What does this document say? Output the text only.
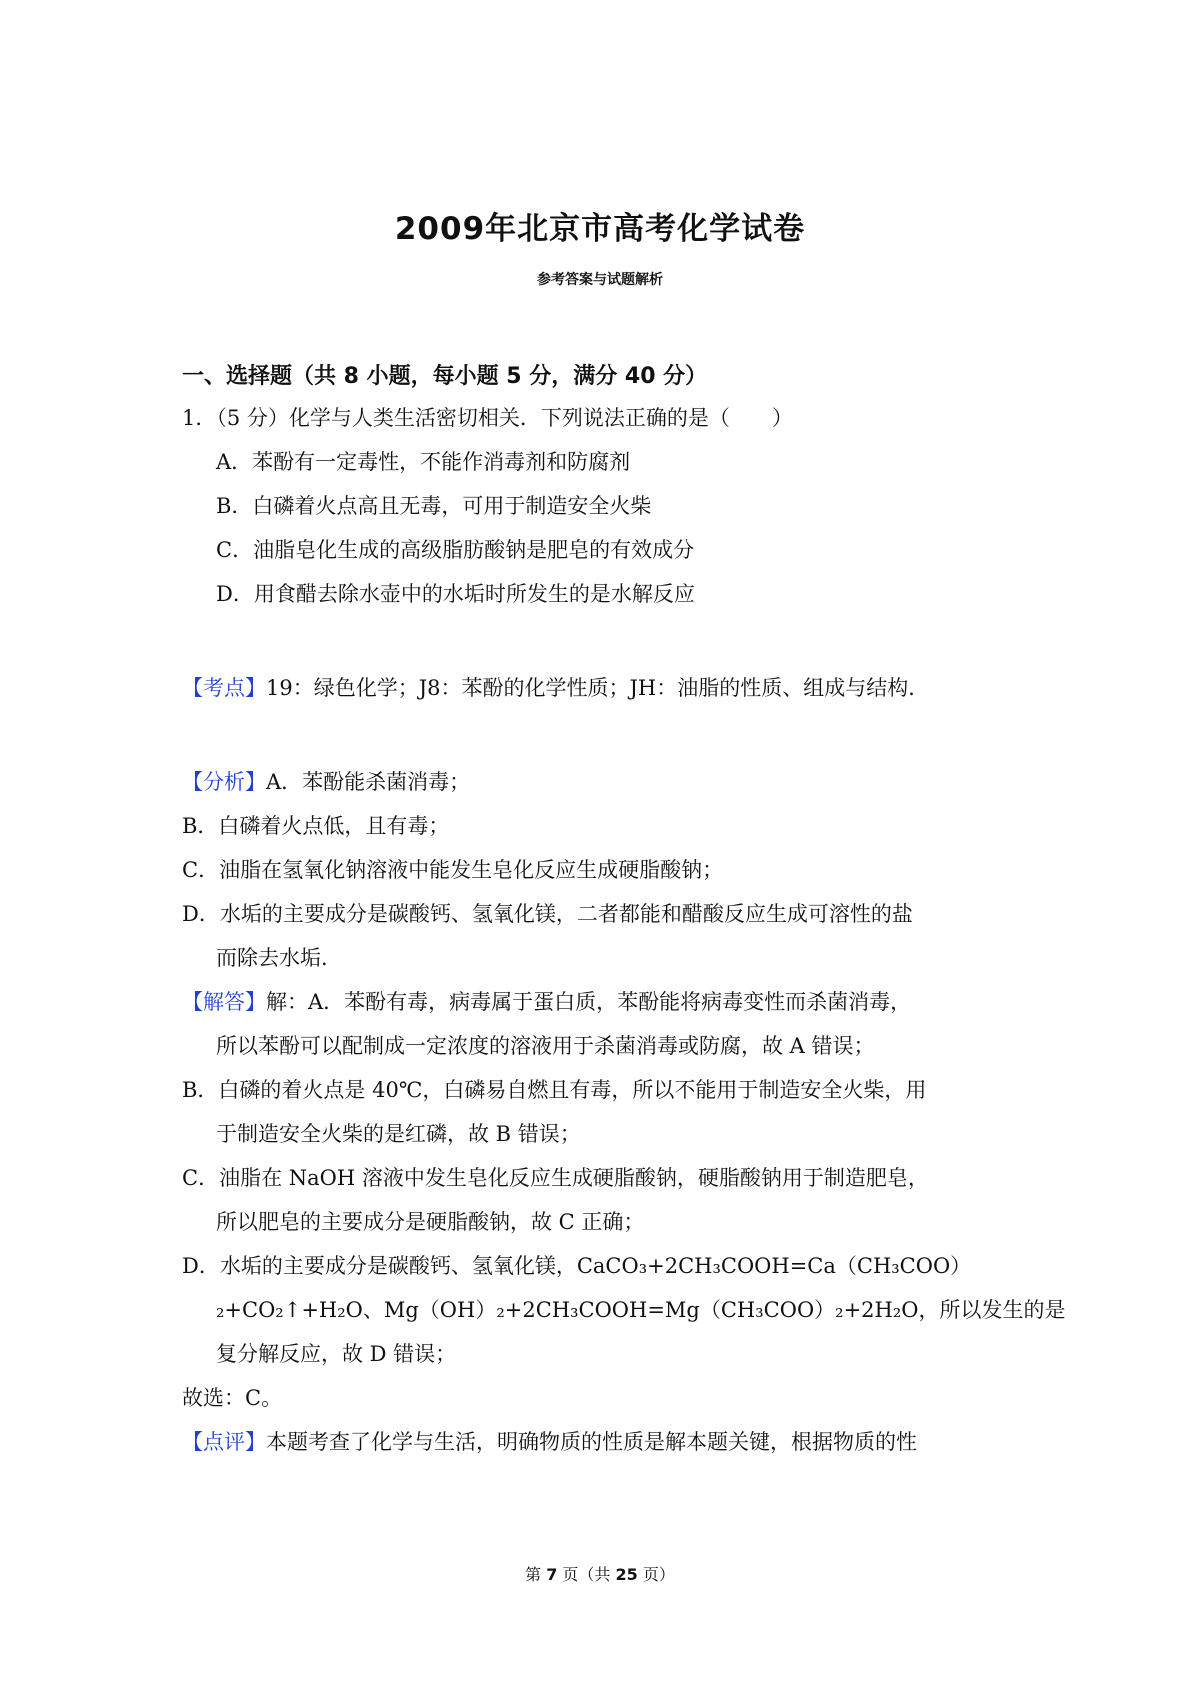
2009年北京市高考化学试卷
参考答案与试题解析
一、选择题（共 8 小题，每小题 5 分，满分 40 分）
1．（5 分）化学与人类生活密切相关．下列说法正确的是（　　）
A．苯酚有一定毒性，不能作消毒剂和防腐剂
B．白磷着火点高且无毒，可用于制造安全火柴
C．油脂皂化生成的高级脂肪酸钠是肥皂的有效成分
D．用食醋去除水壶中的水垢时所发生的是水解反应
【考点】19：绿色化学；J8：苯酚的化学性质；JH：油脂的性质、组成与结构．
【分析】A．苯酚能杀菌消毒；
B．白磷着火点低，且有毒；
C．油脂在氢氧化钠溶液中能发生皂化反应生成硬脂酸钠；
D．水垢的主要成分是碳酸钙、氢氧化镁，二者都能和醋酸反应生成可溶性的盐
而除去水垢．
【解答】解：A．苯酚有毒，病毒属于蛋白质，苯酚能将病毒变性而杀菌消毒，
所以苯酚可以配制成一定浓度的溶液用于杀菌消毒或防腐，故 A 错误；
B．白磷的着火点是 40℃，白磷易自燃且有毒，所以不能用于制造安全火柴，用
于制造安全火柴的是红磷，故 B 错误；
C．油脂在 NaOH 溶液中发生皂化反应生成硬脂酸钠，硬脂酸钠用于制造肥皂，
所以肥皂的主要成分是硬脂酸钠，故 C 正确；
D．水垢的主要成分是碳酸钙、氢氧化镁，CaCO₃+2CH₃COOH=Ca（CH₃COO）
₂+CO₂↑+H₂O、Mg（OH）₂+2CH₃COOH=Mg（CH₃COO）₂+2H₂O，所以发生的是
复分解反应，故 D 错误；
故选：C。
【点评】本题考查了化学与生活，明确物质的性质是解本题关键，根据物质的性
第 7 页（共 25 页）
